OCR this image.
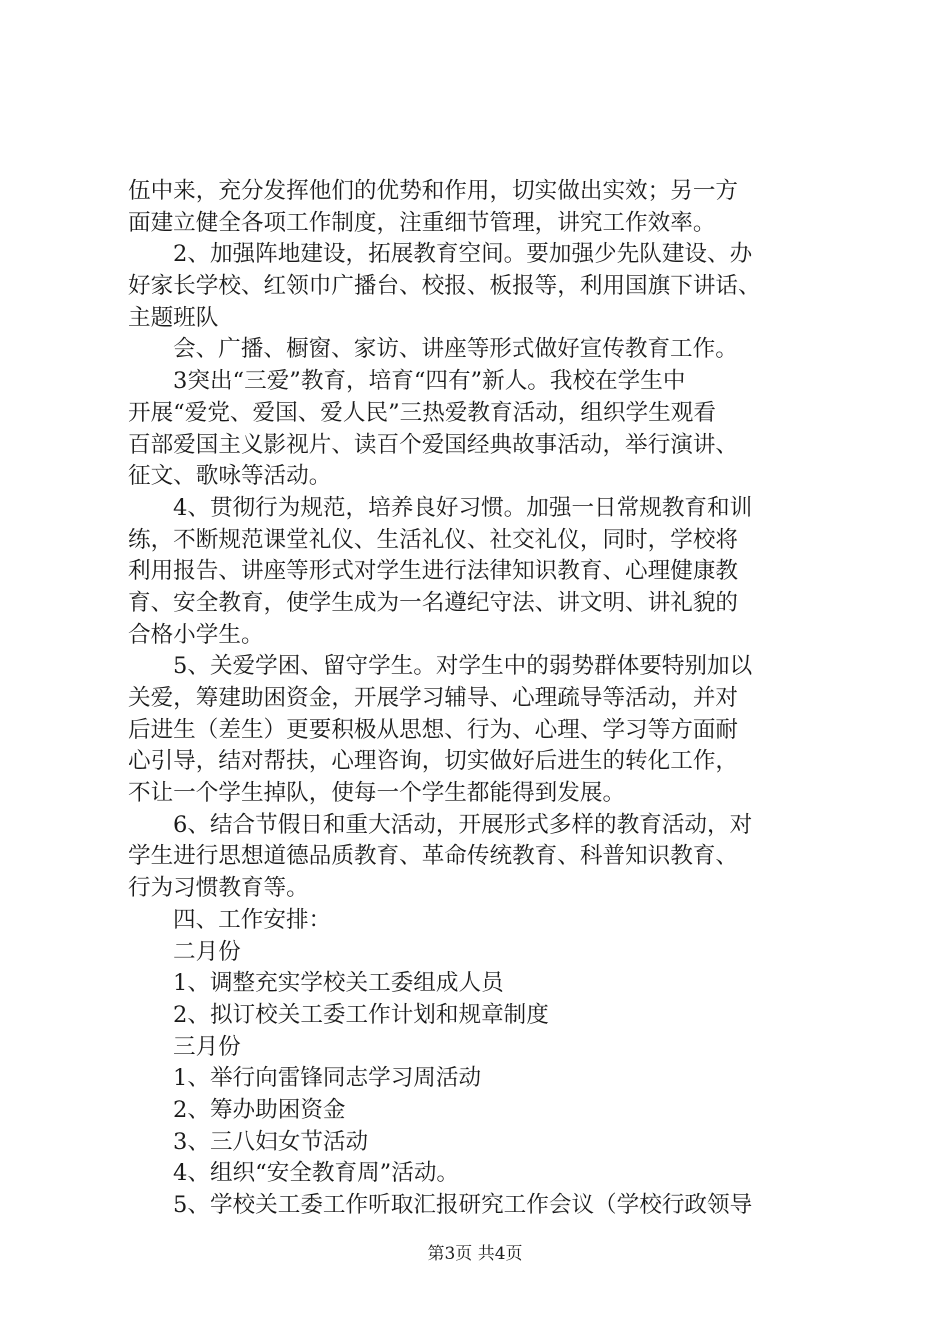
伍中来，充分发挥他们的优势和作用，切实做出实效；另一方
面建立健全各项工作制度，注重细节管理，讲究工作效率。
2、加强阵地建设，拓展教育空间。要加强少先队建设、办
好家长学校、红领巾广播台、校报、板报等，利用国旗下讲话、
主题班队
会、广播、橱窗、家访、讲座等形式做好宣传教育工作。
3突出“三爱”教育，培育“四有”新人。我校在学生中
开展“爱党、爱国、爱人民”三热爱教育活动，组织学生观看
百部爱国主义影视片、读百个爱国经典故事活动，举行演讲、
征文、歌咏等活动。
4、贯彻行为规范，培养良好习惯。加强一日常规教育和训
练，不断规范课堂礼仪、生活礼仪、社交礼仪，同时，学校将
利用报告、讲座等形式对学生进行法律知识教育、心理健康教
育、安全教育，使学生成为一名遵纪守法、讲文明、讲礼貌的
合格小学生。
5、关爱学困、留守学生。对学生中的弱势群体要特别加以
关爱，筹建助困资金，开展学习辅导、心理疏导等活动，并对
后进生（差生）更要积极从思想、行为、心理、学习等方面耐
心引导，结对帮扶，心理咨询，切实做好后进生的转化工作，
不让一个学生掉队，使每一个学生都能得到发展。
6、结合节假日和重大活动，开展形式多样的教育活动，对
学生进行思想道德品质教育、革命传统教育、科普知识教育、
行为习惯教育等。
四、工作安排：
二月份
1、调整充实学校关工委组成人员
2、拟订校关工委工作计划和规章制度
三月份
1、举行向雷锋同志学习周活动
2、筹办助困资金
3、三八妇女节活动
4、组织“安全教育周”活动。
5、学校关工委工作听取汇报研究工作会议（学校行政领导
第3页 共4页
